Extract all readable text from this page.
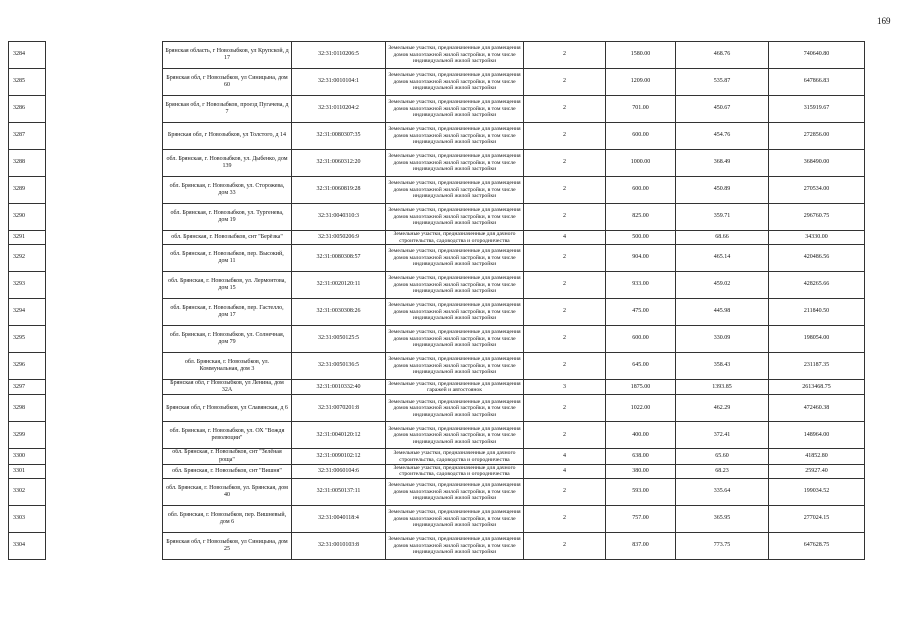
169
3284		Брянская область, г Новозыбков, ул Крупской, д 17	32:31:0110206:5	Земельные участки, предназначенные для размещения домов малоэтажной жилой застройки, в том числе индивидуальной жилой застройки	2	1580.00	468.76	740640.80
3285		Брянская обл, г Новозыбков, ул Синицына, дом 60	32:31:0010104:1	Земельные участки, предназначенные для размещения домов малоэтажной жилой застройки, в том числе индивидуальной жилой застройки	2	1209.00	535.87	647866.83
3286		Брянская обл, г Новозыбков, проезд Пугачева, д 7	32:31:0110204:2	Земельные участки, предназначенные для размещения домов малоэтажной жилой застройки, в том числе индивидуальной жилой застройки	2	701.00	450.67	315919.67
3287		Брянская обл, г Новозыбков, ул Толстого, д 14	32:31:0080307:35	Земельные участки, предназначенные для размещения домов малоэтажной жилой застройки, в том числе индивидуальной жилой застройки	2	600.00	454.76	272856.00
3288		обл. Брянская, г. Новозыбков, ул. Дыбенко, дом 139	32:31:0060312:20	Земельные участки, предназначенные для размещения домов малоэтажной жилой застройки, в том числе индивидуальной жилой застройки	2	1000.00	368.49	368490.00
3289		обл. Брянская, г. Новозыбков, ул. Сторожева, дом 33	32:31:0060819:28	Земельные участки, предназначенные для размещения домов малоэтажной жилой застройки, в том числе индивидуальной жилой застройки	2	600.00	450.89	270534.00
3290		обл. Брянская, г. Новозыбков, ул. Тургенева, дом 19	32:31:0040310:3	Земельные участки, предназначенные для размещения домов малоэтажной жилой застройки, в том числе индивидуальной жилой застройки	2	825.00	359.71	296760.75
3291		обл. Брянская, г. Новозыбков, снт "Берёзка"	32:31:0050206:9	Земельные участки, предназначенные для дачного строительства, садоводства и огородничества	4	500.00	68.66	34330.00
3292		обл. Брянская, г. Новозыбков, пер. Высокий, дом 11	32:31:0080308:57	Земельные участки, предназначенные для размещения домов малоэтажной жилой застройки, в том числе индивидуальной жилой застройки	2	904.00	465.14	420486.56
3293		обл. Брянская, г. Новозыбков, ул. Лермонтова, дом 15	32:31:0020120:11	Земельные участки, предназначенные для размещения домов малоэтажной жилой застройки, в том числе индивидуальной жилой застройки	2	933.00	459.02	428265.66
3294		обл. Брянская, г. Новозыбков, пер. Гастелло, дом 17	32:31:0030308:26	Земельные участки, предназначенные для размещения домов малоэтажной жилой застройки, в том числе индивидуальной жилой застройки	2	475.00	445.98	211840.50
3295		обл. Брянская, г. Новозыбков, ул. Солнечная, дом 79	32:31:0050125:5	Земельные участки, предназначенные для размещения домов малоэтажной жилой застройки, в том числе индивидуальной жилой застройки	2	600.00	330.09	198054.00
3296		обл. Брянская, г. Новозыбков, ул. Коммунальная, дом 3	32:31:0050136:5	Земельные участки, предназначенные для размещения домов малоэтажной жилой застройки, в том числе индивидуальной жилой застройки	2	645.00	358.43	231187.35
3297		Брянская обл, г Новозыбков, ул Ленина, дом 32А	32:31:0010332:40	Земельные участки, предназначенные для размещения гаражей и автостоянок	3	1875.00	1393.85	2613468.75
3298		Брянская обл, г Новозыбков, ул Славянская, д 6	32:31:0070201:8	Земельные участки, предназначенные для размещения домов малоэтажной жилой застройки, в том числе индивидуальной жилой застройки	2	1022.00	462.29	472460.38
3299		обл. Брянская, г. Новозыбков, ул. ОХ "Вождя революции"	32:31:0040120:12	Земельные участки, предназначенные для размещения домов малоэтажной жилой застройки, в том числе индивидуальной жилой застройки	2	400.00	372.41	148964.00
3300		обл. Брянская, г. Новозыбков, снт "Зелёная роща"	32:31:0090102:12	Земельные участки, предназначенные для дачного строительства, садоводства и огородничества	4	638.00	65.60	41852.80
3301		обл. Брянская, г. Новозыбков, снт "Вишня"	32:31:0060104:6	Земельные участки, предназначенные для дачного строительства, садоводства и огородничества	4	380.00	68.23	25927.40
3302		обл. Брянская, г. Новозыбков, ул. Брянская, дом 40	32:31:0050137:11	Земельные участки, предназначенные для размещения домов малоэтажной жилой застройки, в том числе индивидуальной жилой застройки	2	593.00	335.64	199034.52
3303		обл. Брянская, г. Новозыбков, пер. Вишневый, дом 6	32:31:0040118:4	Земельные участки, предназначенные для размещения домов малоэтажной жилой застройки, в том числе индивидуальной жилой застройки	2	757.00	365.95	277024.15
3304		Брянская обл, г Новозыбков, ул Синицына, дом 25	32:31:0010103:8	Земельные участки, предназначенные для размещения домов малоэтажной жилой застройки, в том числе индивидуальной жилой застройки	2	837.00	773.75	647628.75
